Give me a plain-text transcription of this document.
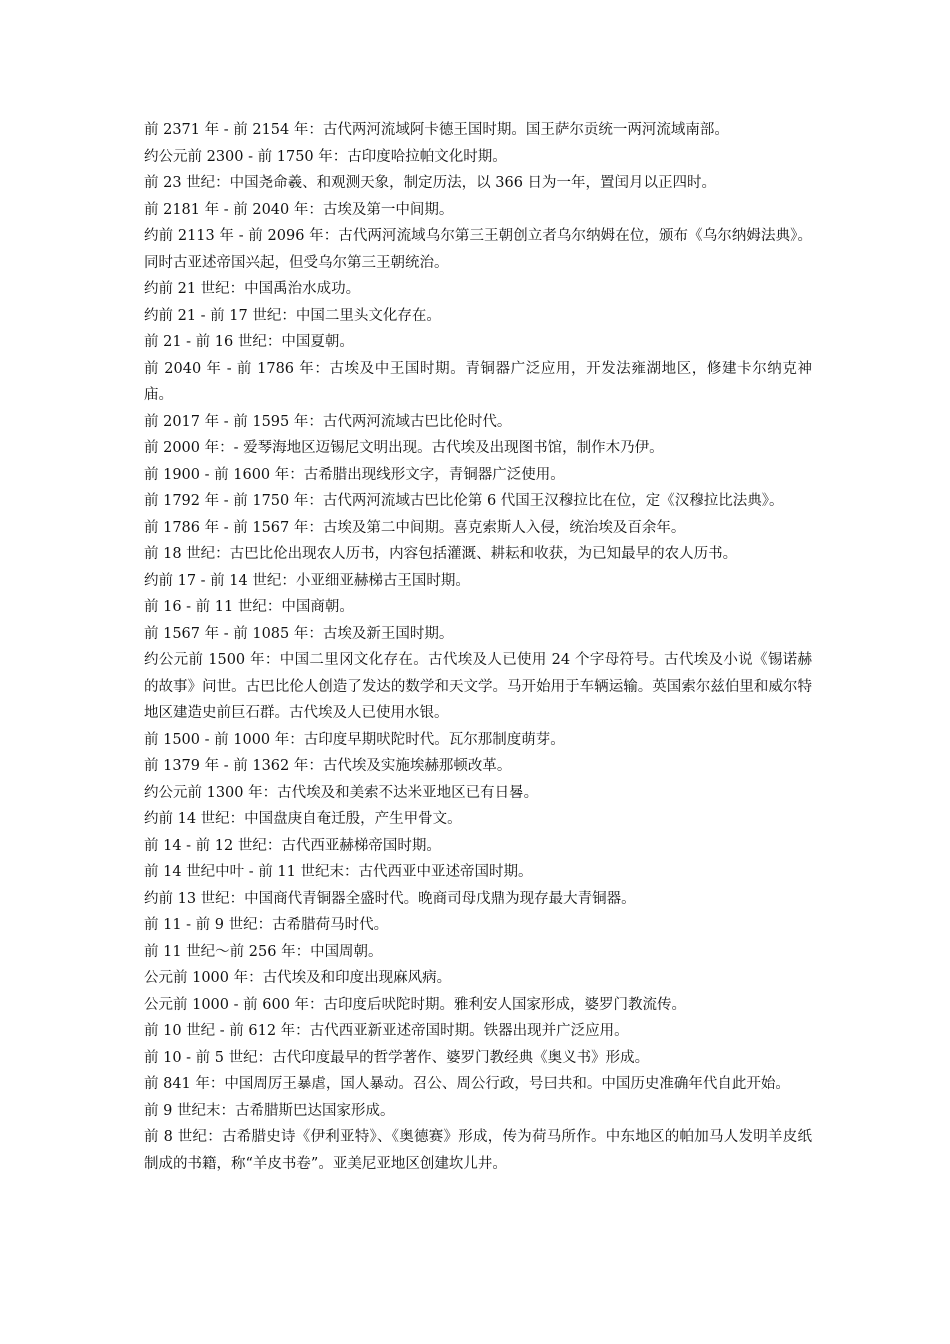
前 2371 年 - 前 2154 年：古代两河流域阿卡德王国时期。国王萨尔贡统一两河流域南部。

约公元前 2300 - 前 1750 年：古印度哈拉帕文化时期。

前 23 世纪：中国尧命羲、和观测天象，制定历法，以 366 日为一年，置闰月以正四时。

前 2181 年 - 前 2040 年：古埃及第一中间期。

约前 2113 年 - 前 2096 年：古代两河流域乌尔第三王朝创立者乌尔纳姆在位，颁布《乌尔纳姆法典》。同时古亚述帝国兴起，但受乌尔第三王朝统治。

约前 21 世纪：中国禹治水成功。

约前 21 - 前 17 世纪：中国二里头文化存在。

前 21 - 前 16 世纪：中国夏朝。

前 2040 年 - 前 1786 年：古埃及中王国时期。青铜器广泛应用，开发法雍湖地区，修建卡尔纳克神庙。

前 2017 年 - 前 1595 年：古代两河流域古巴比伦时代。

前 2000 年：- 爱琴海地区迈锡尼文明出现。古代埃及出现图书馆，制作木乃伊。

前 1900 - 前 1600 年：古希腊出现线形文字，青铜器广泛使用。

前 1792 年 - 前 1750 年：古代两河流域古巴比伦第 6 代国王汉穆拉比在位，定《汉穆拉比法典》。

前 1786 年 - 前 1567 年：古埃及第二中间期。喜克索斯人入侵，统治埃及百余年。

前 18 世纪：古巴比伦出现农人历书，内容包括灌溉、耕耘和收获，为已知最早的农人历书。

约前 17 - 前 14 世纪：小亚细亚赫梯古王国时期。

前 16 - 前 11 世纪：中国商朝。

前 1567 年 - 前 1085 年：古埃及新王国时期。

约公元前 1500 年：中国二里冈文化存在。古代埃及人已使用 24 个字母符号。古代埃及小说《锡诺赫的故事》问世。古巴比伦人创造了发达的数学和天文学。马开始用于车辆运输。英国索尔兹伯里和威尔特地区建造史前巨石群。古代埃及人已使用水银。

前 1500 - 前 1000 年：古印度早期吠陀时代。瓦尔那制度萌芽。

前 1379 年 - 前 1362 年：古代埃及实施埃赫那顿改革。

约公元前 1300 年：古代埃及和美索不达米亚地区已有日晷。

约前 14 世纪：中国盘庚自奄迁殷，产生甲骨文。

前 14 - 前 12 世纪：古代西亚赫梯帝国时期。

前 14 世纪中叶 - 前 11 世纪末：古代西亚中亚述帝国时期。

约前 13 世纪：中国商代青铜器全盛时代。晚商司母戊鼎为现存最大青铜器。

前 11 - 前 9 世纪：古希腊荷马时代。

前 11 世纪～前 256 年：中国周朝。

公元前 1000 年：古代埃及和印度出现麻风病。

公元前 1000 - 前 600 年：古印度后吠陀时期。雅利安人国家形成，婆罗门教流传。

前 10 世纪 - 前 612 年：古代西亚新亚述帝国时期。铁器出现并广泛应用。

前 10 - 前 5 世纪：古代印度最早的哲学著作、婆罗门教经典《奥义书》形成。

前 841 年：中国周厉王暴虐，国人暴动。召公、周公行政，号曰共和。中国历史准确年代自此开始。

前 9 世纪末：古希腊斯巴达国家形成。

前 8 世纪：古希腊史诗《伊利亚特》、《奥德赛》形成，传为荷马所作。中东地区的帕加马人发明羊皮纸制成的书籍，称“羊皮书卷”。亚美尼亚地区创建坎儿井。
